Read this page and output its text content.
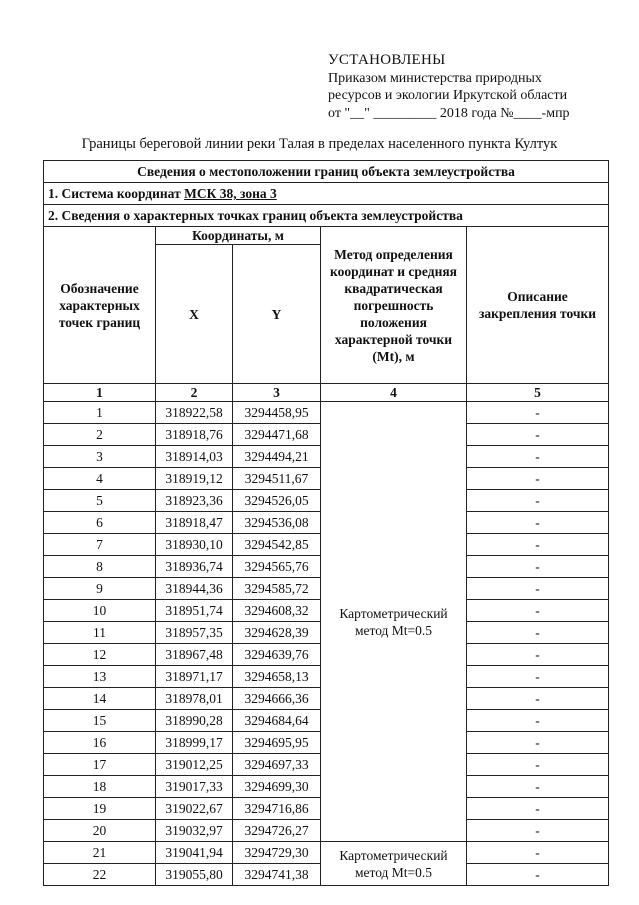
УСТАНОВЛЕНЫ
Приказом министерства природных
ресурсов и экологии Иркутской области
от "__" _________ 2018 года №____-мпр
Границы береговой линии реки Талая в пределах населенного пункта Култук
Сведения о местоположении границ объекта землеустройства				
1. Система координат МСК 38, зона 3				
2. Сведения о характерных точках границ объекта землеустройства				
Обозначение характерных точек границ	Координаты, м		Метод определения координат и средняя квадратическая погрешность положения характерной точки (Mt), м	Описание закрепления точки
	X	Y		
1	2	3	4	5
1	318922,58	3294458,95	Картометрический метод Mt=0.5	-
2	318918,76	3294471,68		-
3	318914,03	3294494,21		-
4	318919,12	3294511,67		-
5	318923,36	3294526,05		-
6	318918,47	3294536,08		-
7	318930,10	3294542,85		-
8	318936,74	3294565,76		-
9	318944,36	3294585,72		-
10	318951,74	3294608,32		-
11	318957,35	3294628,39		-
12	318967,48	3294639,76		-
13	318971,17	3294658,13		-
14	318978,01	3294666,36		-
15	318990,28	3294684,64		-
16	318999,17	3294695,95		-
17	319012,25	3294697,33		-
18	319017,33	3294699,30		-
19	319022,67	3294716,86		-
20	319032,97	3294726,27		-
21	319041,94	3294729,30	Картометрический метод Mt=0.5	-
22	319055,80	3294741,38		-
